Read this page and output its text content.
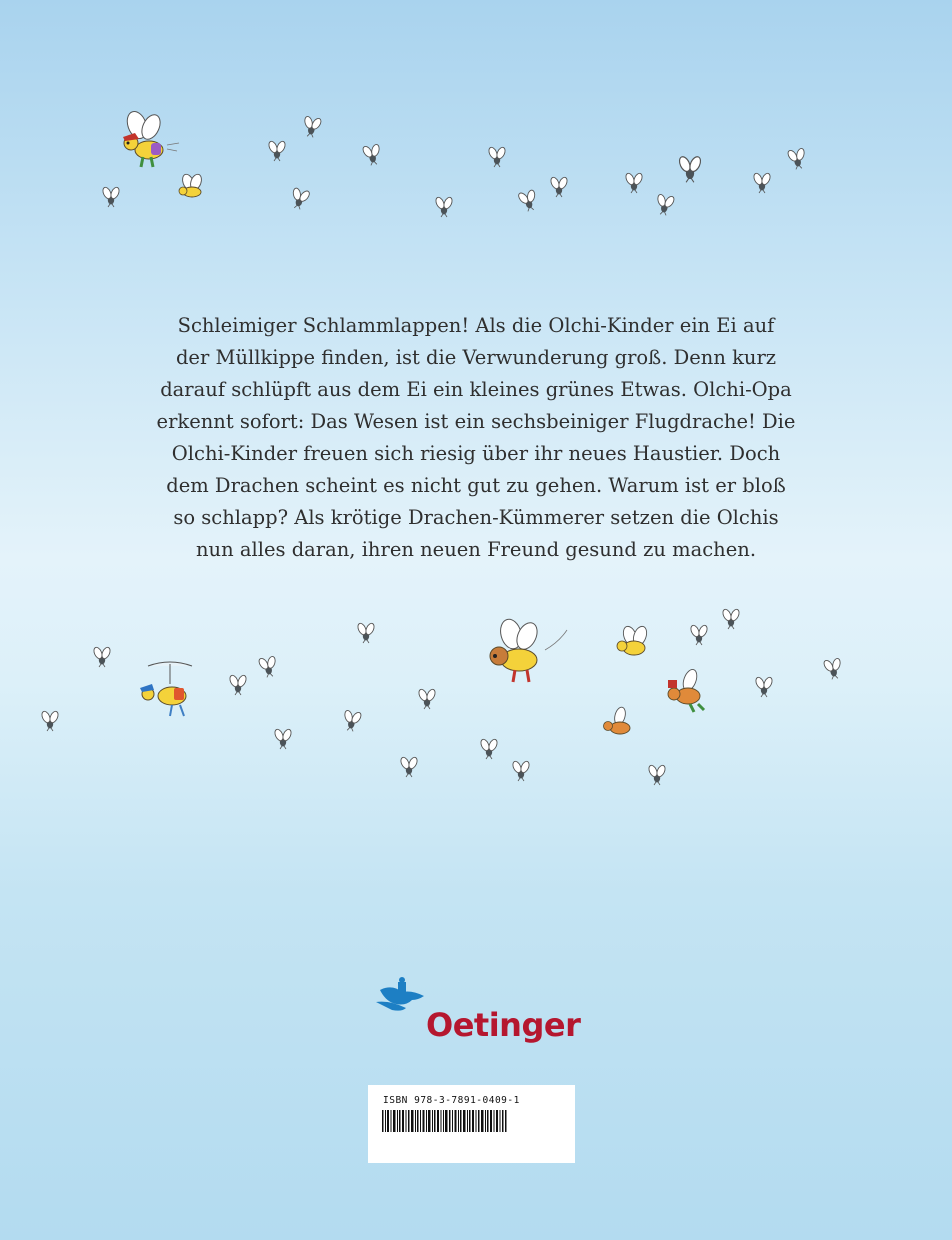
Schleimiger Schlammlappen! Als die Olchi-Kinder ein Ei auf
der Müllkippe finden, ist die Verwunderung groß. Denn kurz
darauf schlüpft aus dem Ei ein kleines grünes Etwas. Olchi-Opa
erkennt sofort: Das Wesen ist ein sechsbeiniger Flugdrache! Die
Olchi-Kinder freuen sich riesig über ihr neues Haustier. Doch
dem Drachen scheint es nicht gut zu gehen. Warum ist er bloß
so schlapp? Als krötige Drachen-Kümmerer setzen die Olchis
nun alles daran, ihren neuen Freund gesund zu machen.
Oetinger
ISBN 978-3-7891-0409-1
